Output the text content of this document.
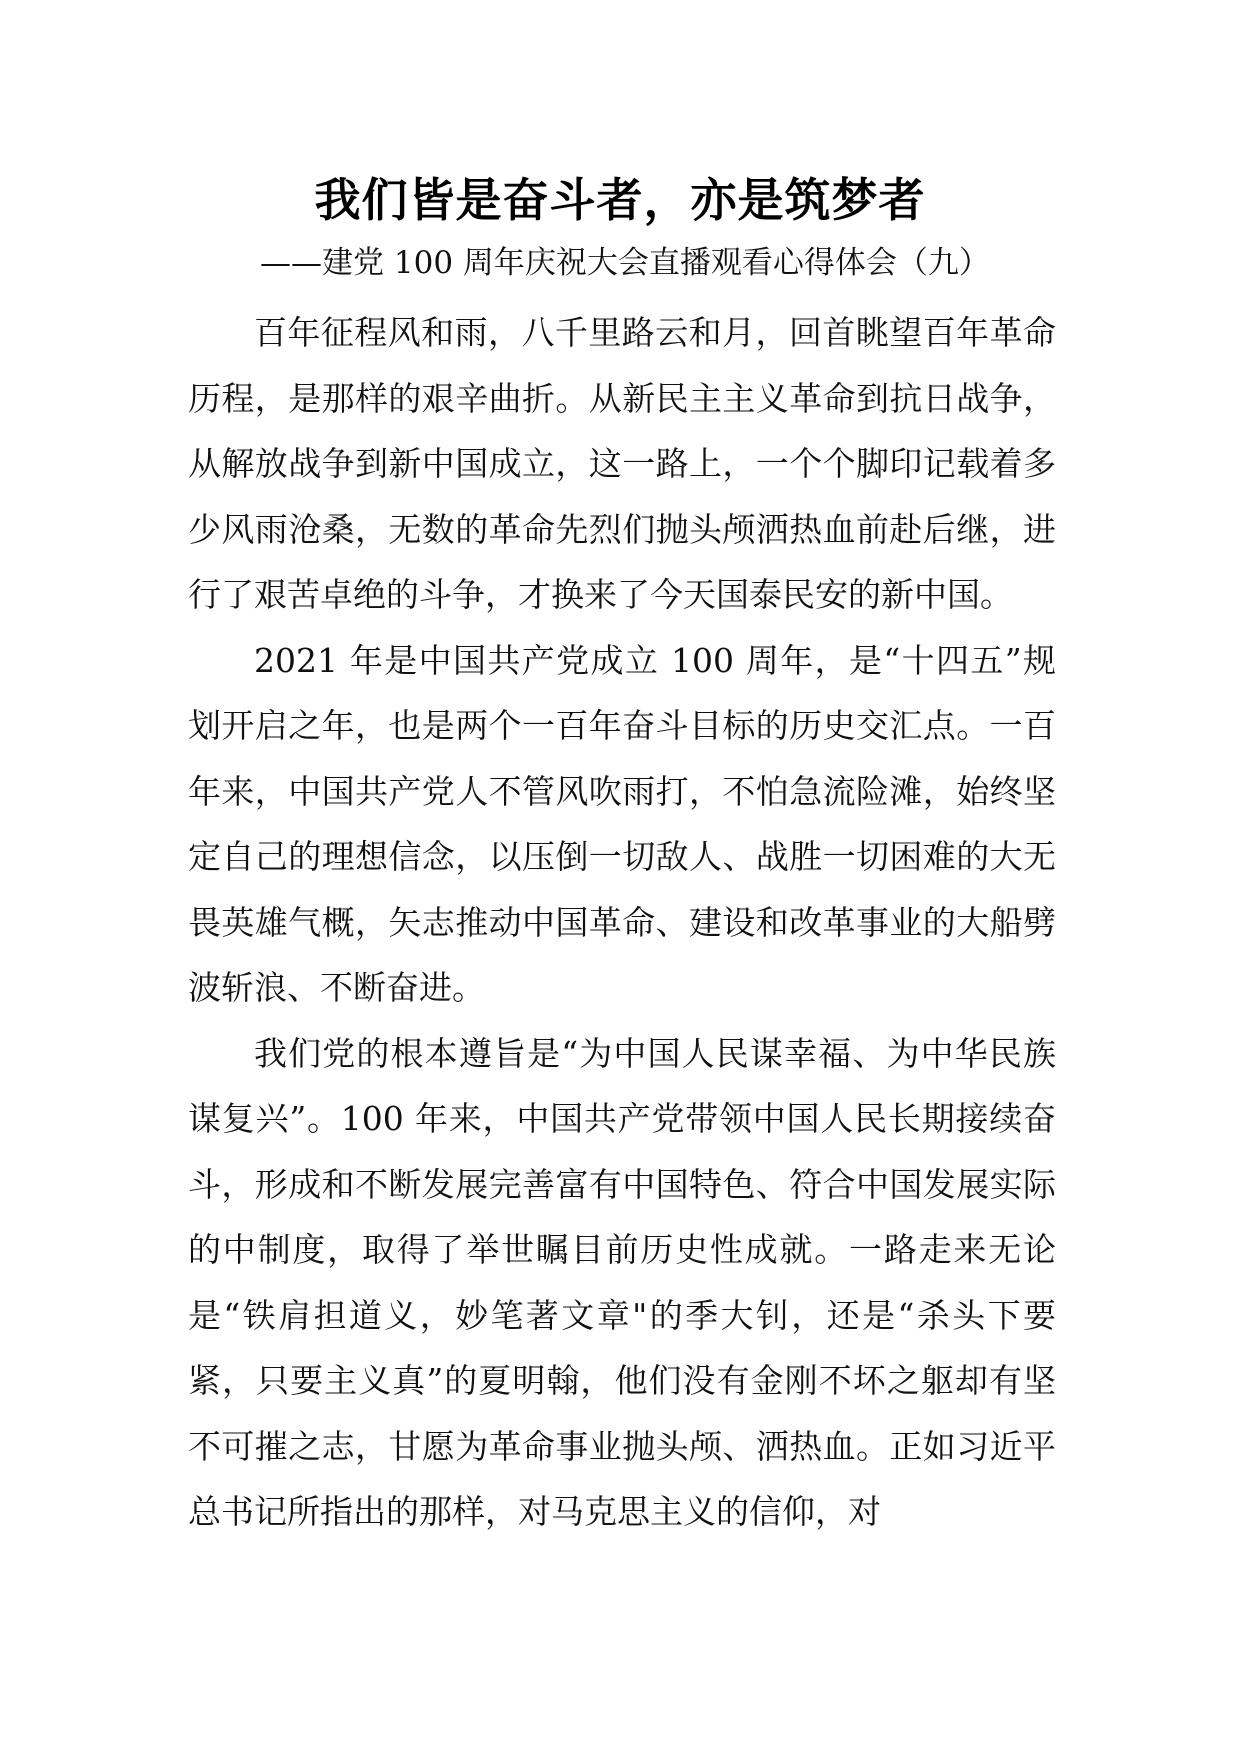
我们皆是奋斗者，亦是筑梦者

——建党 100 周年庆祝大会直播观看心得体会（九）

百年征程风和雨，八千里路云和月，回首眺望百年革命历程，是那样的艰辛曲折。从新民主主义革命到抗日战争，从解放战争到新中国成立，这一路上，一个个脚印记载着多少风雨沧桑，无数的革命先烈们抛头颅洒热血前赴后继，进行了艰苦卓绝的斗争，才换来了今天国泰民安的新中国。

2021 年是中国共产党成立 100 周年，是“十四五”规划开启之年，也是两个一百年奋斗目标的历史交汇点。一百年来，中国共产党人不管风吹雨打，不怕急流险滩，始终坚定自己的理想信念，以压倒一切敌人、战胜一切困难的大无畏英雄气概，矢志推动中国革命、建设和改革事业的大船劈波斩浪、不断奋进。

我们党的根本遵旨是“为中国人民谋幸福、为中华民族谋复兴”。100 年来，中国共产党带领中国人民长期接续奋斗，形成和不断发展完善富有中国特色、符合中国发展实际的中制度，取得了举世瞩目前历史性成就。一路走来无论是“铁肩担道义，妙笔著文章"的季大钊，还是“杀头下要紧，只要主义真”的夏明翰，他们没有金刚不坏之躯却有坚不可摧之志，甘愿为革命事业抛头颅、洒热血。正如习近平总书记所指出的那样，对马克思主义的信仰，对
